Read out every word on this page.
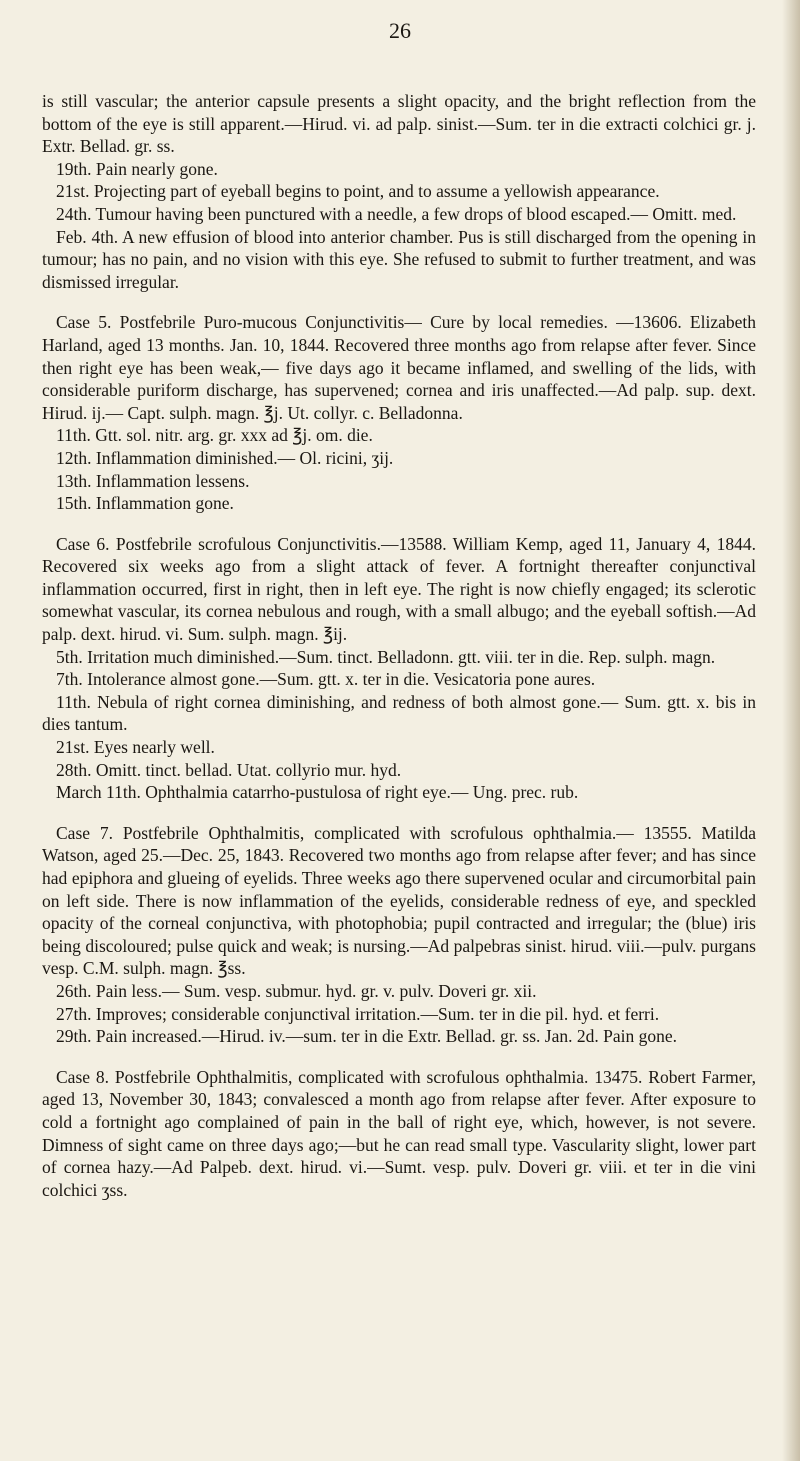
26

is still vascular; the anterior capsule presents a slight opacity, and the bright reflection from the bottom of the eye is still apparent.—Hirud. vi. ad palp. sinist.—Sum. ter in die extracti colchici gr. j. Extr. Bellad. gr. ss.

19th. Pain nearly gone.

21st. Projecting part of eyeball begins to point, and to assume a yellowish appearance.

24th. Tumour having been punctured with a needle, a few drops of blood escaped.— Omitt. med.

Feb. 4th. A new effusion of blood into anterior chamber. Pus is still discharged from the opening in tumour; has no pain, and no vision with this eye. She refused to submit to further treatment, and was dismissed irregular.

Case 5. Postfebrile Puro-mucous Conjunctivitis— Cure by local remedies. —13606. Elizabeth Harland, aged 13 months. Jan. 10, 1844. Recovered three months ago from relapse after fever. Since then right eye has been weak,— five days ago it became inflamed, and swelling of the lids, with considerable puriform discharge, has supervened; cornea and iris unaffected.—Ad palp. sup. dext. Hirud. ij.— Capt. sulph. magn. ℥j. Ut. collyr. c. Belladonna.

11th. Gtt. sol. nitr. arg. gr. xxx ad ℥j. om. die.

12th. Inflammation diminished.— Ol. ricini, ʒij.

13th. Inflammation lessens.

15th. Inflammation gone.

Case 6. Postfebrile scrofulous Conjunctivitis.—13588. William Kemp, aged 11, January 4, 1844. Recovered six weeks ago from a slight attack of fever. A fortnight thereafter conjunctival inflammation occurred, first in right, then in left eye. The right is now chiefly engaged; its sclerotic somewhat vascular, its cornea nebulous and rough, with a small albugo; and the eyeball softish.—Ad palp. dext. hirud. vi. Sum. sulph. magn. ℥ij.

5th. Irritation much diminished.—Sum. tinct. Belladonn. gtt. viii. ter in die. Rep. sulph. magn.

7th. Intolerance almost gone.—Sum. gtt. x. ter in die. Vesicatoria pone aures.

11th. Nebula of right cornea diminishing, and redness of both almost gone.— Sum. gtt. x. bis in dies tantum.

21st. Eyes nearly well.

28th. Omitt. tinct. bellad. Utat. collyrio mur. hyd.

March 11th. Ophthalmia catarrho-pustulosa of right eye.— Ung. prec. rub.

Case 7. Postfebrile Ophthalmitis, complicated with scrofulous ophthalmia.— 13555. Matilda Watson, aged 25.—Dec. 25, 1843. Recovered two months ago from relapse after fever; and has since had epiphora and glueing of eyelids. Three weeks ago there supervened ocular and circumorbital pain on left side. There is now inflammation of the eyelids, considerable redness of eye, and speckled opacity of the corneal conjunctiva, with photophobia; pupil contracted and irregular; the (blue) iris being discoloured; pulse quick and weak; is nursing.—Ad palpebras sinist. hirud. viii.—pulv. purgans vesp. C.M. sulph. magn. ℥ss.

26th. Pain less.— Sum. vesp. submur. hyd. gr. v. pulv. Doveri gr. xii.

27th. Improves; considerable conjunctival irritation.—Sum. ter in die pil. hyd. et ferri.

29th. Pain increased.—Hirud. iv.—sum. ter in die Extr. Bellad. gr. ss. Jan. 2d. Pain gone.

Case 8. Postfebrile Ophthalmitis, complicated with scrofulous ophthalmia. 13475. Robert Farmer, aged 13, November 30, 1843; convalesced a month ago from relapse after fever. After exposure to cold a fortnight ago complained of pain in the ball of right eye, which, however, is not severe. Dimness of sight came on three days ago;—but he can read small type. Vascularity slight, lower part of cornea hazy.—Ad Palpeb. dext. hirud. vi.—Sumt. vesp. pulv. Doveri gr. viii. et ter in die vini colchici ʒss.
